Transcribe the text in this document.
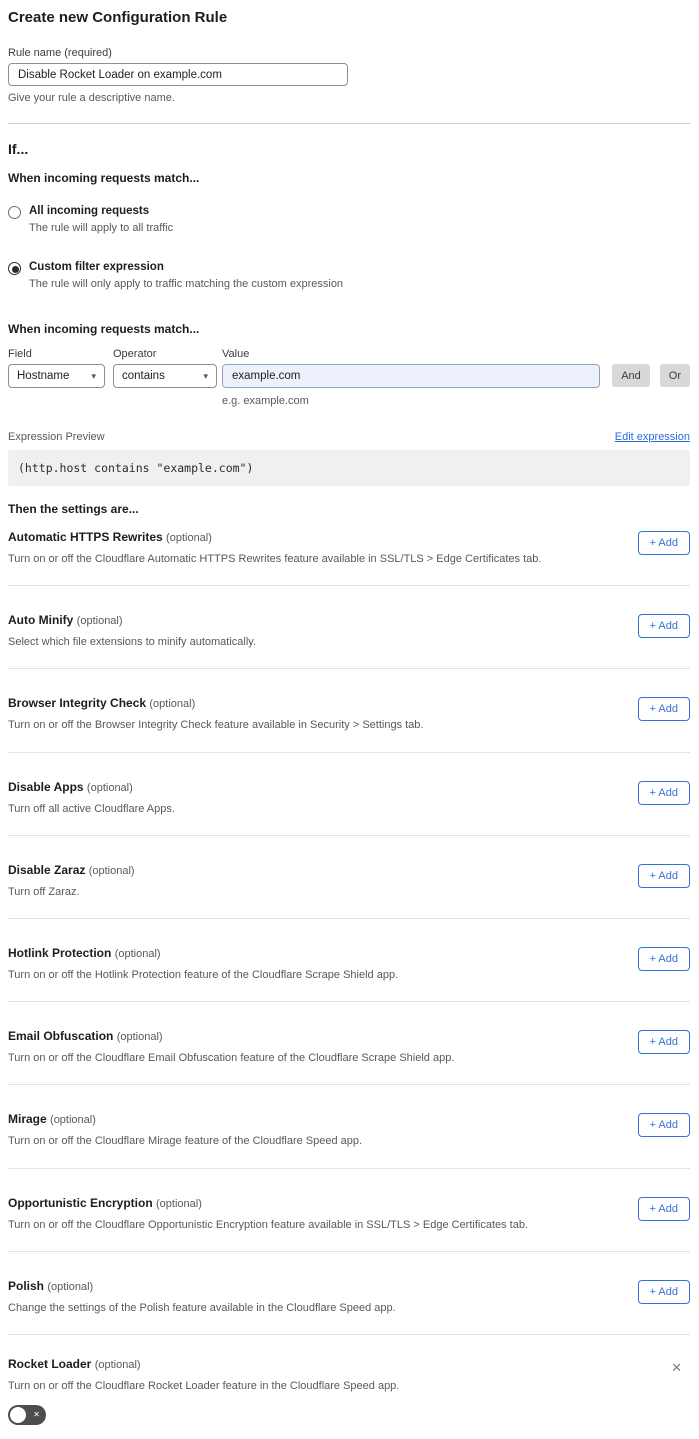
Create new Configuration Rule
Rule name (required)
Disable Rocket Loader on example.com
Give your rule a descriptive name.
If...
When incoming requests match...
All incoming requests
The rule will apply to all traffic
Custom filter expression
The rule will only apply to traffic matching the custom expression
When incoming requests match...
Field
Hostname ▾
Operator
contains	▾
Value
example.com
e.g. example.com
And	Or
Expression Preview	Edit expression
(http.host contains "example.com")
Then the settings are...
Automatic HTTPS Rewrites (optional)
Turn on or off the Cloudflare Automatic HTTPS Rewrites feature available in SSL/TLS > Edge Certificates tab.
+ Add
Auto Minify (optional)
Select which file extensions to minify automatically.
+ Add
Browser Integrity Check (optional)
Turn on or off the Browser Integrity Check feature available in Security > Settings tab.
+ Add
Disable Apps (optional)
Turn off all active Cloudflare Apps.
+ Add
Disable Zaraz (optional)
Turn off Zaraz.
+ Add
Hotlink Protection (optional)
Turn on or off the Hotlink Protection feature of the Cloudflare Scrape Shield app.
+ Add
Email Obfuscation (optional)
Turn on or off the Cloudflare Email Obfuscation feature of the Cloudflare Scrape Shield app.
+ Add
Mirage (optional)
Turn on or off the Cloudflare Mirage feature of the Cloudflare Speed app.
+ Add
Opportunistic Encryption (optional)
Turn on or off the Cloudflare Opportunistic Encryption feature available in SSL/TLS > Edge Certificates tab.
+ Add
Polish (optional)
Change the settings of the Polish feature available in the Cloudflare Speed app.
+ Add
✕
Rocket Loader (optional)
Turn on or off the Cloudflare Rocket Loader feature in the Cloudflare Speed app.
✕
